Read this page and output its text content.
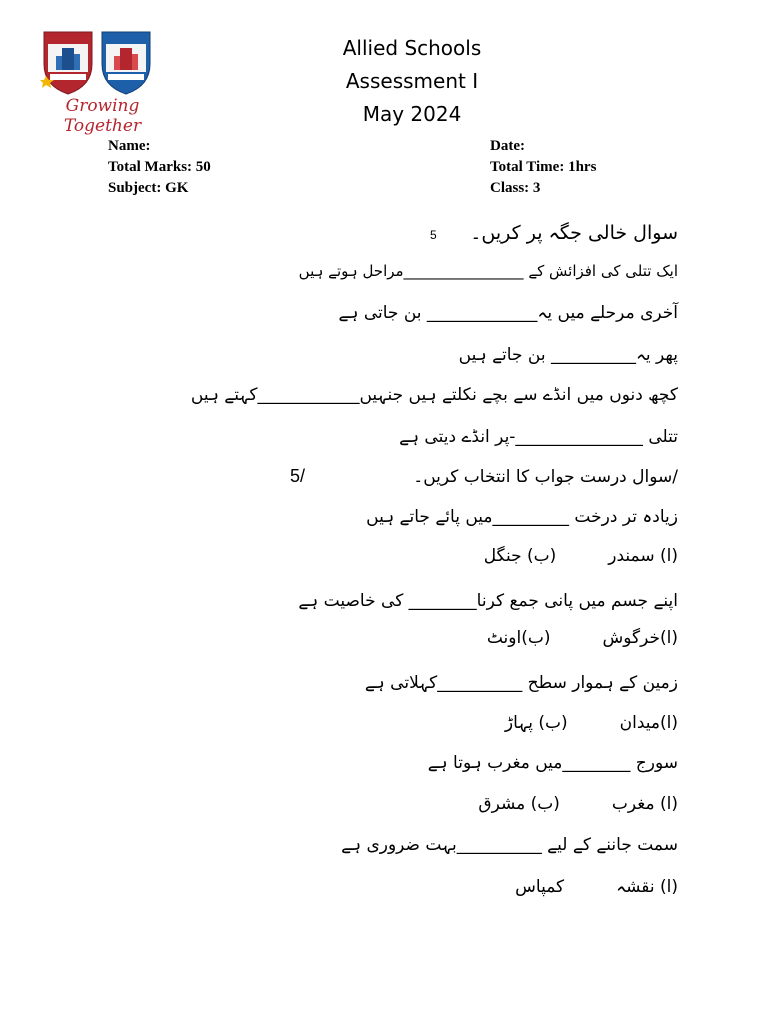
Growing Together
Allied Schools
Assessment I
May 2024
Name:
Total Marks: 50
Subject: GK
Date:
Total Time: 1hrs
Class: 3
سوال خالی جگہ پر کریں۔
5
ایک تتلی کی افزائش کے ________________مراحل ہوتے ہیں
آخری مرحلے میں یہ_____________ بن جاتی ہے
پھر یہ__________ بن جاتے ہیں
کچھ دنوں میں انڈے سے بچے نکلتے ہیں جنہیں____________کہتے ہیں
تتلی _______________-پر انڈے دیتی ہے
/سوال درست جواب کا انتخاب کریں۔
5/
زیادہ تر درخت _________میں پائے جاتے ہیں
(ا) سمندر(ب) جنگل
اپنے جسم میں پانی جمع کرنا________ کی خاصیت ہے
(ا)خرگوش(ب)اونٹ
زمین کے ہموار سطح __________کہلاتی ہے
(ا)میدان(ب) پہاڑ
سورج ________میں مغرب ہوتا ہے
(ا) مغرب(ب) مشرق
سمت جاننے کے لیے __________بہت ضروری ہے
(ا) نقشہکمپاس
